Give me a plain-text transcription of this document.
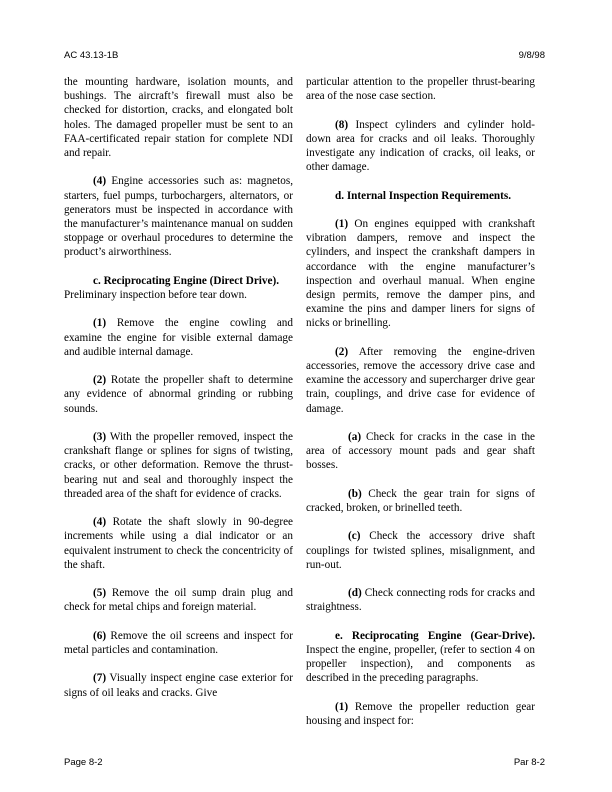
AC 43.13-1B	9/8/98

the mounting hardware, isolation mounts, and bushings. The aircraft’s firewall must also be checked for distortion, cracks, and elongated bolt holes. The damaged propeller must be sent to an FAA-certificated repair station for complete NDI and repair.

(4) Engine accessories such as: magnetos, starters, fuel pumps, turbochargers, alternators, or generators must be inspected in accordance with the manufacturer’s maintenance manual on sudden stoppage or overhaul procedures to determine the product’s airworthiness.

c. Reciprocating Engine (Direct Drive).

Preliminary inspection before tear down.

(1) Remove the engine cowling and examine the engine for visible external damage and audible internal damage.

(2) Rotate the propeller shaft to determine any evidence of abnormal grinding or rubbing sounds.

(3) With the propeller removed, inspect the crankshaft flange or splines for signs of twisting, cracks, or other deformation. Remove the thrust-bearing nut and seal and thoroughly inspect the threaded area of the shaft for evidence of cracks.

(4) Rotate the shaft slowly in 90-degree increments while using a dial indicator or an equivalent instrument to check the concentricity of the shaft.

(5) Remove the oil sump drain plug and check for metal chips and foreign material.

(6) Remove the oil screens and inspect for metal particles and contamination.

(7) Visually inspect engine case exterior for signs of oil leaks and cracks. Give

particular attention to the propeller thrust-bearing area of the nose case section.

(8) Inspect cylinders and cylinder hold-down area for cracks and oil leaks. Thoroughly investigate any indication of cracks, oil leaks, or other damage.

d. Internal Inspection Requirements.

(1) On engines equipped with crankshaft vibration dampers, remove and inspect the cylinders, and inspect the crankshaft dampers in accordance with the engine manufacturer’s inspection and overhaul manual. When engine design permits, remove the damper pins, and examine the pins and damper liners for signs of nicks or brinelling.

(2) After removing the engine-driven accessories, remove the accessory drive case and examine the accessory and supercharger drive gear train, couplings, and drive case for evidence of damage.

(a) Check for cracks in the case in the area of accessory mount pads and gear shaft bosses.

(b) Check the gear train for signs of cracked, broken, or brinelled teeth.

(c) Check the accessory drive shaft couplings for twisted splines, misalignment, and run-out.

(d) Check connecting rods for cracks and straightness.

e. Reciprocating Engine (Gear-Drive). Inspect the engine, propeller, (refer to section 4 on propeller inspection), and components as described in the preceding paragraphs.

(1) Remove the propeller reduction gear housing and inspect for:

Page 8-2	Par 8-2
